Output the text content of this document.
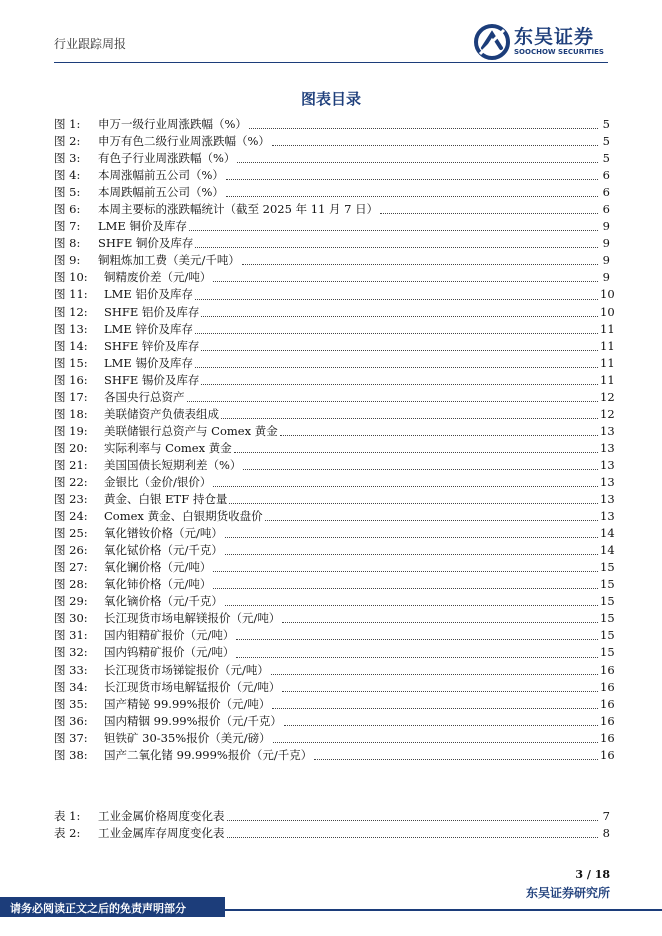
行业跟踪周报	东吴证券
SOOCHOW SECURITIES
图表目录
图 1:	申万一级行业周涨跌幅（%）	5
图 2:	申万有色二级行业周涨跌幅（%）	5
图 3:	有色子行业周涨跌幅（%）	5
图 4:	本周涨幅前五公司（%）	6
图 5:	本周跌幅前五公司（%）	6
图 6:	本周主要标的涨跌幅统计（截至 2025 年 11 月 7 日）	6
图 7:	LME 铜价及库存	9
图 8:	SHFE 铜价及库存	9
图 9:	铜粗炼加工费（美元/千吨）	9
图 10:	铜精废价差（元/吨）	9
图 11:	LME 铝价及库存	10
图 12:	SHFE 铝价及库存	10
图 13:	LME 锌价及库存	11
图 14:	SHFE 锌价及库存	11
图 15:	LME 锡价及库存	11
图 16:	SHFE 锡价及库存	11
图 17:	各国央行总资产	12
图 18:	美联储资产负债表组成	12
图 19:	美联储银行总资产与 Comex 黄金	13
图 20:	实际利率与 Comex 黄金	13
图 21:	美国国债长短期利差（%）	13
图 22:	金银比（金价/银价）	13
图 23:	黄金、白银 ETF 持仓量	13
图 24:	Comex 黄金、白银期货收盘价	13
图 25:	氧化镨钕价格（元/吨）	14
图 26:	氧化铽价格（元/千克）	14
图 27:	氧化镧价格（元/吨）	15
图 28:	氧化铈价格（元/吨）	15
图 29:	氧化镝价格（元/千克）	15
图 30:	长江现货市场电解镁报价（元/吨）	15
图 31:	国内钼精矿报价（元/吨）	15
图 32:	国内钨精矿报价（元/吨）	15
图 33:	长江现货市场锑锭报价（元/吨）	16
图 34:	长江现货市场电解锰报价（元/吨）	16
图 35:	国产精铋 99.99%报价（元/吨）	16
图 36:	国内精铟 99.99%报价（元/千克）	16
图 37:	钽铁矿 30-35%报价（美元/磅）	16
图 38:	国产二氧化锗 99.999%报价（元/千克）	16
表 1:	工业金属价格周度变化表	7
表 2:	工业金属库存周度变化表	8
3 / 18
东吴证券研究所
请务必阅读正文之后的免责声明部分
